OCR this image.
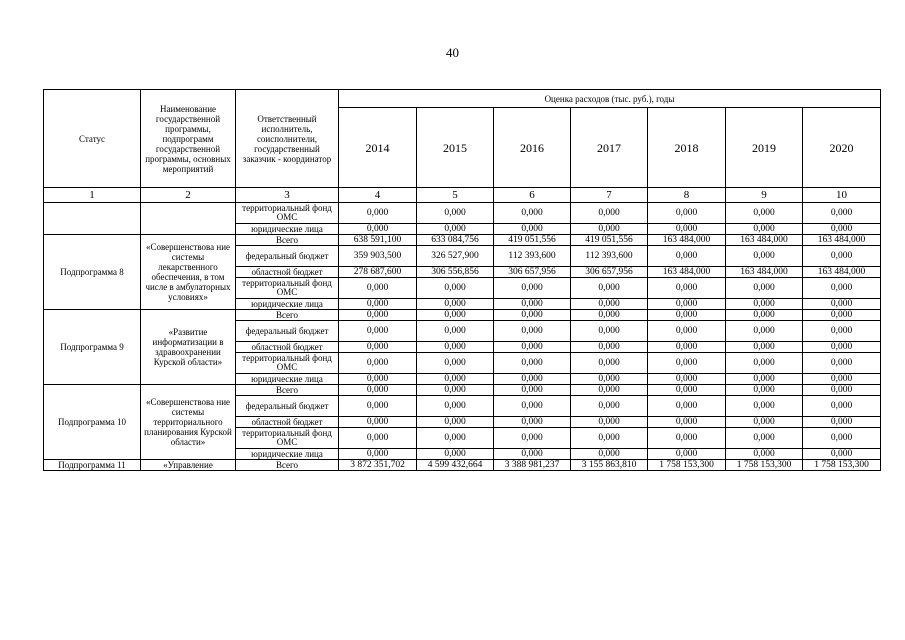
40
Статус	Наименование государственной программы, подпрограмм государственной программы, основных мероприятий	Ответственный исполнитель, соисполнители, государственный заказчик - координатор	Оценка расходов (тыс. руб.), годы						
			2014	2015	2016	2017	2018	2019	2020
1	2	3	4	5	6	7	8	9	10
		территориальный фонд ОМС	0,000	0,000	0,000	0,000	0,000	0,000	0,000
		юридические лица	0,000	0,000	0,000	0,000	0,000	0,000	0,000
Подпрограмма 8	«Совершенствова ние системы лекарственного обеспечения, в том числе в амбулаторных условиях»	Всего	638 591,100	633 084,756	419 051,556	419 051,556	163 484,000	163 484,000	163 484,000
		федеральный бюджет	359 903,500	326 527,900	112 393,600	112 393,600	0,000	0,000	0,000
		областной бюджет	278 687,600	306 556,856	306 657,956	306 657,956	163 484,000	163 484,000	163 484,000
		территориальный фонд ОМС	0,000	0,000	0,000	0,000	0,000	0,000	0,000
		юридические лица	0,000	0,000	0,000	0,000	0,000	0,000	0,000
Подпрограмма 9	«Развитие информатизации в здравоохранении Курской области»	Всего	0,000	0,000	0,000	0,000	0,000	0,000	0,000
		федеральный бюджет	0,000	0,000	0,000	0,000	0,000	0,000	0,000
		областной бюджет	0,000	0,000	0,000	0,000	0,000	0,000	0,000
		территориальный фонд ОМС	0,000	0,000	0,000	0,000	0,000	0,000	0,000
		юридические лица	0,000	0,000	0,000	0,000	0,000	0,000	0,000
Подпрограмма 10	«Совершенствова ние системы территориального планирования Курской области»	Всего	0,000	0,000	0,000	0,000	0,000	0,000	0,000
		федеральный бюджет	0,000	0,000	0,000	0,000	0,000	0,000	0,000
		областной бюджет	0,000	0,000	0,000	0,000	0,000	0,000	0,000
		территориальный фонд ОМС	0,000	0,000	0,000	0,000	0,000	0,000	0,000
		юридические лица	0,000	0,000	0,000	0,000	0,000	0,000	0,000
Подпрограмма 11	«Управление	Всего	3 872 351,702	4 599 432,664	3 388 981,237	3 155 863,810	1 758 153,300	1 758 153,300	1 758 153,300
